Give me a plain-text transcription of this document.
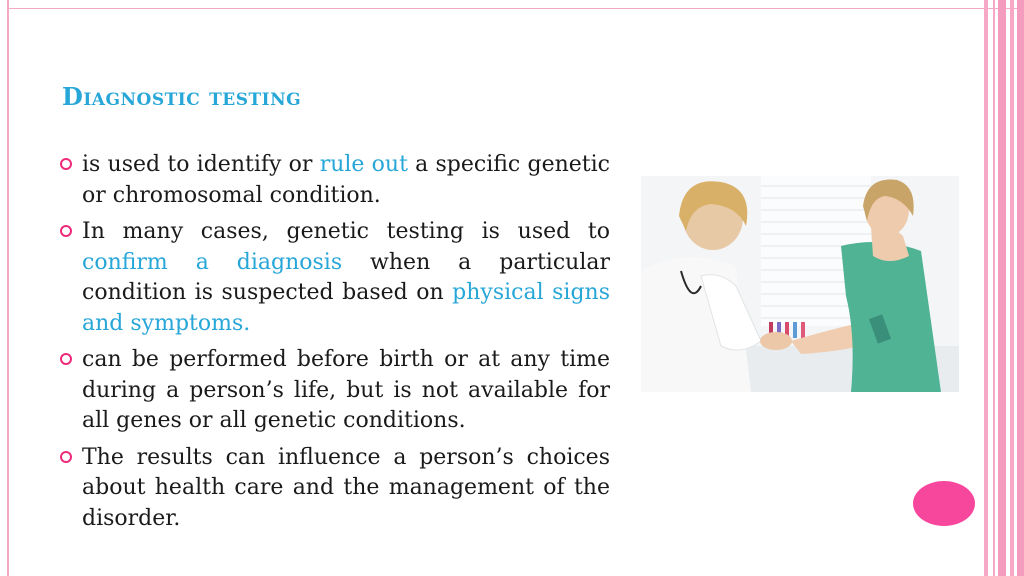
Diagnostic testing
is used to identify or rule out a specific genetic or chromosomal condition.
In many cases, genetic testing is used to confirm a diagnosis when a particular condition is suspected based on physical signs and symptoms.
can be performed before birth or at any time during a person’s life, but is not available for all genes or all genetic conditions.
The results can influence a person’s choices about health care and the management of the disorder.
